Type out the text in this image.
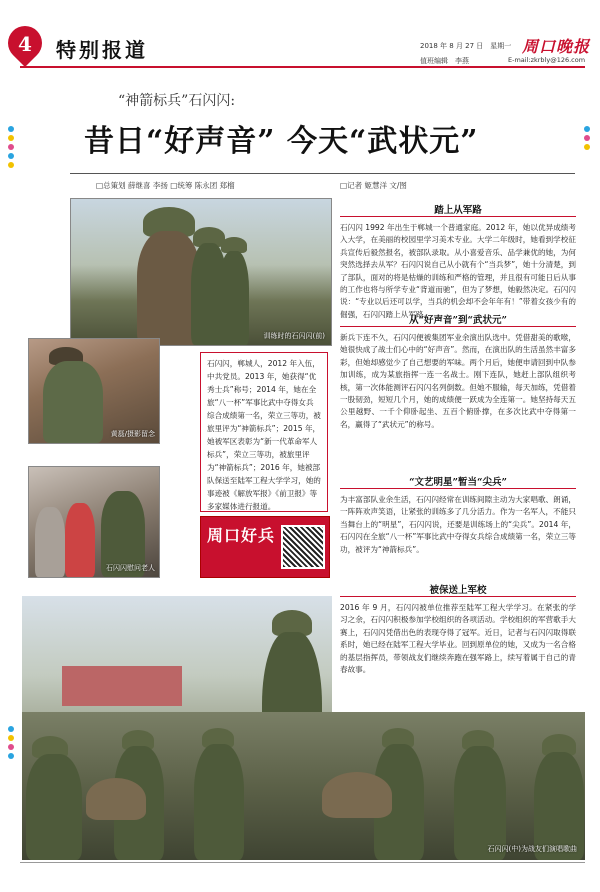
4	特别报道	2018 年 8 月 27 日　星期一
值班编辑　李燕
周口晚报
E-mail:zkrbly@126.com
“神箭标兵”石闪闪:
昔日“好声音” 今天“武状元”
□总策划 薛继喜 李扬 □统筹 陈永团 郑榴	□记者 姬慧洋 文/图
训练时的石闪闪(前)
黄磊/摄影留念
石闪闪慰问老人
石闪闪，郸城人，2012 年入伍，中共党员。2013 年，她获得“优秀士兵”称号；2014 年，她在全旅“八一杯”军事比武中夺得女兵综合成绩第一名，荣立三等功，被旅里评为“神箭标兵”；2015 年，她被军区表彰为“新一代革命军人标兵”，荣立三等功，被旅里评为“神箭标兵”；2016 年，她被部队保送至陆军工程大学学习，她的事迹被《解放军报》《前卫报》等多家媒体进行报道。
周口好兵
踏上从军路
石闪闪 1992 年出生于郸城一个普通家庭。2012 年，她以优异成绩考入大学，在美丽的校园里学习美术专业。大学二年级时，她看到学校征兵宣传后毅然报名，被部队录取。从小喜爱音乐、品学兼优的她，为何突然选择去从军？石闪闪说自己从小就有个“当兵梦”，她十分清楚，到了部队，面对的将是枯燥的训练和严格的管理，并且很有可能日后从事的工作也将与所学专业“背道而驰”，但为了梦想，她毅然决定。石闪闪说：“专业以后还可以学，当兵的机会却不会年年有！”带着女孩少有的倔强，石闪闪踏上从军路。
从“好声音”到“武状元”
新兵下连不久，石闪闪便被集团军业余演出队选中。凭借甜美的歌喉，她很快成了战士们心中的“好声音”。然而，在演出队的生活虽然丰富多彩，但她却感觉少了自己想要的军味。两个月后，她便申请回到中队参加训练，成为某旅指挥一连一名战士。刚下连队，她赶上部队组织考核，第一次体能测评石闪闪名列倒数。但她不服输，每天加练，凭借着一股韧劲，短短几个月，她的成绩便一跃成为全连第一。她坚持每天五公里越野、一千个仰卧起坐、五百个俯卧撑，在多次比武中夺得第一名，赢得了“武状元”的称号。
“文艺明星”暂当“尖兵”
为丰富部队业余生活，石闪闪经常在训练间隙主动为大家唱歌、朗诵，一阵阵欢声笑语，让紧张的训练多了几分活力。作为一名军人，不能只当舞台上的“明星”，石闪闪说，还要是训练场上的“尖兵”。2014 年，石闪闪在全旅“八一杯”军事比武中夺得女兵综合成绩第一名，荣立三等功，被评为“神箭标兵”。
被保送上军校
2016 年 9 月，石闪闪被单位推荐至陆军工程大学学习。在紧张的学习之余，石闪闪积极参加学校组织的各项活动。学校组织的军营歌手大赛上，石闪闪凭借出色的表现夺得了冠军。近日，记者与石闪闪取得联系时，她已经在陆军工程大学毕业。回到原单位的她，又成为一名合格的基层指挥员，带领战友们继续奔跑在强军路上，续写着属于自己的青春故事。
石闪闪(中)为战友们演唱歌曲
